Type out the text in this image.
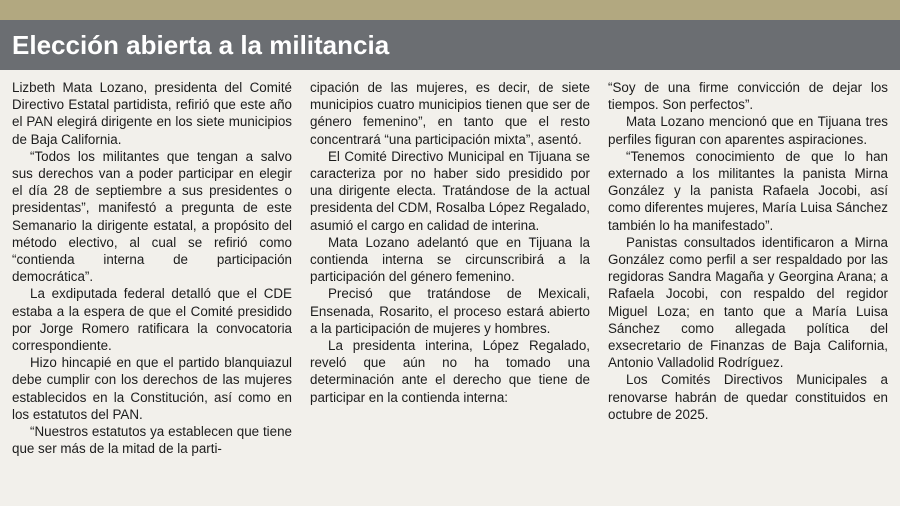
Elección abierta a la militancia

Lizbeth Mata Lozano, presidenta del Comité Directivo Estatal partidista, refirió que este año el PAN elegirá dirigente en los siete municipios de Baja California.

“Todos los militantes que tengan a salvo sus derechos van a poder participar en elegir el día 28 de septiembre a sus presidentes o presidentas”, manifestó a pregunta de este Semanario la dirigente estatal, a propósito del método electivo, al cual se refirió como “contienda interna de participación democrática”.

La exdiputada federal detalló que el CDE estaba a la espera de que el Comité presidido por Jorge Romero ratificara la convocatoria correspondiente.

Hizo hincapié en que el partido blanquiazul debe cumplir con los derechos de las mujeres establecidos en la Constitución, así como en los estatutos del PAN.

“Nuestros estatutos ya establecen que tiene que ser más de la mitad de la parti-

cipación de las mujeres, es decir, de siete municipios cuatro municipios tienen que ser de género femenino”, en tanto que el resto concentrará “una participación mixta”, asentó.

El Comité Directivo Municipal en Tijuana se caracteriza por no haber sido presidido por una dirigente electa. Tratándose de la actual presidenta del CDM, Rosalba López Regalado, asumió el cargo en calidad de interina.

Mata Lozano adelantó que en Tijuana la contienda interna se circunscribirá a la participación del género femenino.

Precisó que tratándose de Mexicali, Ensenada, Rosarito, el proceso estará abierto a la participación de mujeres y hombres.

La presidenta interina, López Regalado, reveló que aún no ha tomado una determinación ante el derecho que tiene de participar en la contienda interna:

“Soy de una firme convicción de dejar los tiempos. Son perfectos”.

Mata Lozano mencionó que en Tijuana tres perfiles figuran con aparentes aspiraciones.

“Tenemos conocimiento de que lo han externado a los militantes la panista Mirna González y la panista Rafaela Jocobi, así como diferentes mujeres, María Luisa Sánchez también lo ha manifestado”.

Panistas consultados identificaron a Mirna González como perfil a ser respaldado por las regidoras Sandra Magaña y Georgina Arana; a Rafaela Jocobi, con respaldo del regidor Miguel Loza; en tanto que a María Luisa Sánchez como allegada política del exsecretario de Finanzas de Baja California, Antonio Valladolid Rodríguez.

Los Comités Directivos Municipales a renovarse habrán de quedar constituidos en octubre de 2025.
